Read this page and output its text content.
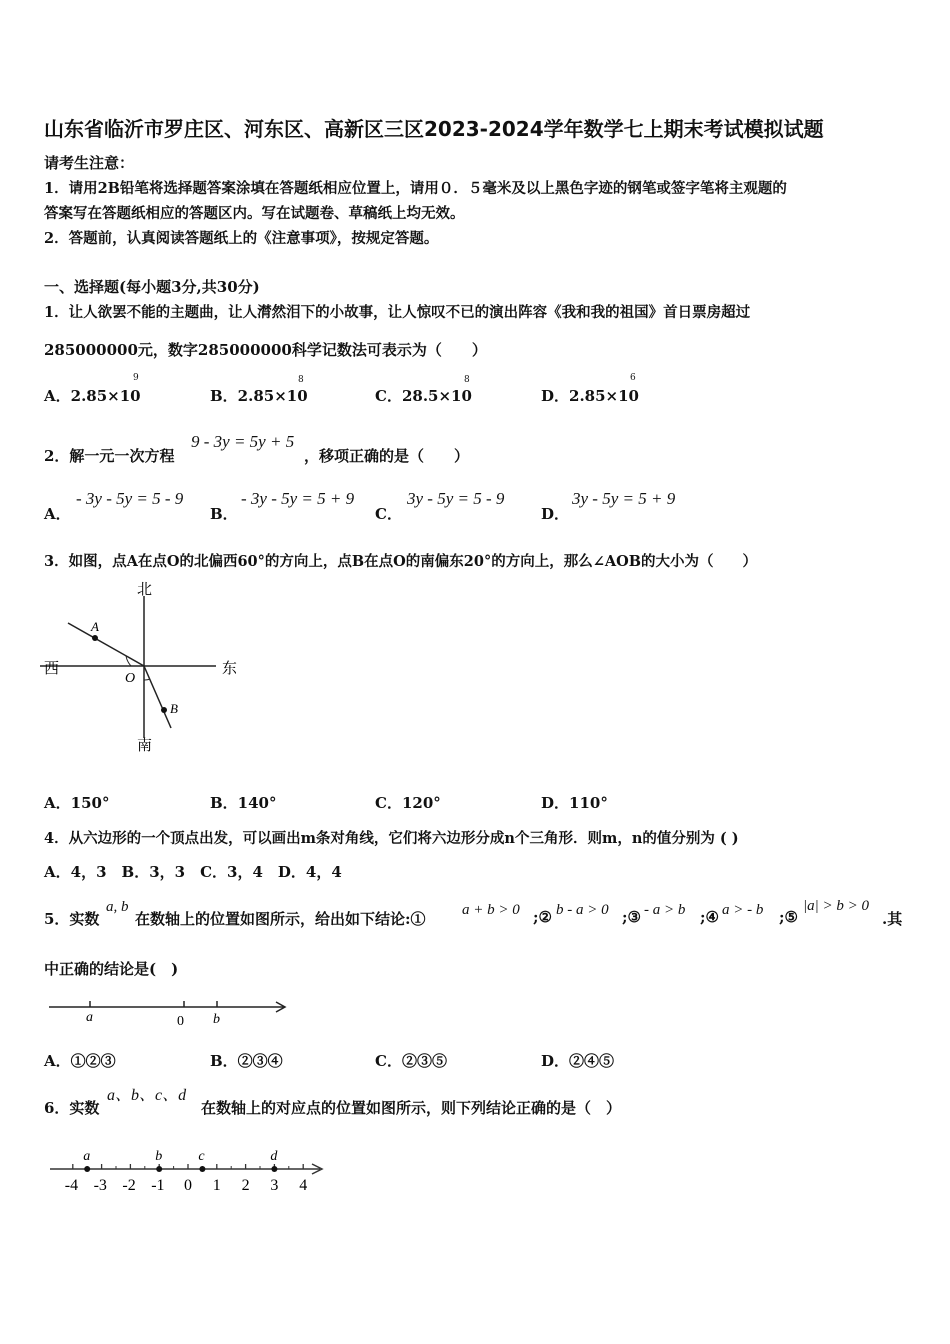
山东省临沂市罗庄区、河东区、高新区三区2023-2024学年数学七上期末考试模拟试题
请考生注意：
1．请用2B铅笔将选择题答案涂填在答题纸相应位置上，请用０．５毫米及以上黑色字迹的钢笔或签字笔将主观题的
答案写在答题纸相应的答题区内。写在试题卷、草稿纸上均无效。
2．答题前，认真阅读答题纸上的《注意事项》，按规定答题。
一、选择题(每小题3分,共30分)
1．让人欲罢不能的主题曲，让人潸然泪下的小故事，让人惊叹不已的演出阵容《我和我的祖国》首日票房超过
285000000元，数字285000000科学记数法可表示为（　　）
A．2.85×10
9
B．2.85×10
8
C．28.5×10
8
D．2.85×10
6
2．解一元一次方程
9 - 3y = 5y + 5
，移项正确的是（　　）
A．
- 3y - 5y = 5 - 9
B．
- 3y - 5y = 5 + 9
C．
3y - 5y = 5 - 9
D．
3y - 5y = 5 + 9
3．如图，点A在点O的北偏西60°的方向上，点B在点O的南偏东20°的方向上，那么∠AOB的大小为（　　）
北
南
西	东
A
B
O
A．150°	B．140°	C．120°	D．110°
4．从六边形的一个顶点出发，可以画出m条对角线，它们将六边形分成n个三角形．则m，n的值分别为 ( )
A．4，3　B．3，3　C．3，4　D．4，4
5．实数
a, b
在数轴上的位置如图所示，给出如下结论:① a + b > 0 ;② b - a > 0 ;③ - a > b ;④ a > - b ;⑤
|a| > b > 0
.其
中正确的结论是(　)
a	0 b
A．①②③	B．②③④	C．②③⑤	D．②④⑤
6．实数
a、b、c、d
在数轴上的对应点的位置如图所示，则下列结论正确的是（　）
-4 -3 -2 -1 0 1 2 3 4
a	b	c	d
